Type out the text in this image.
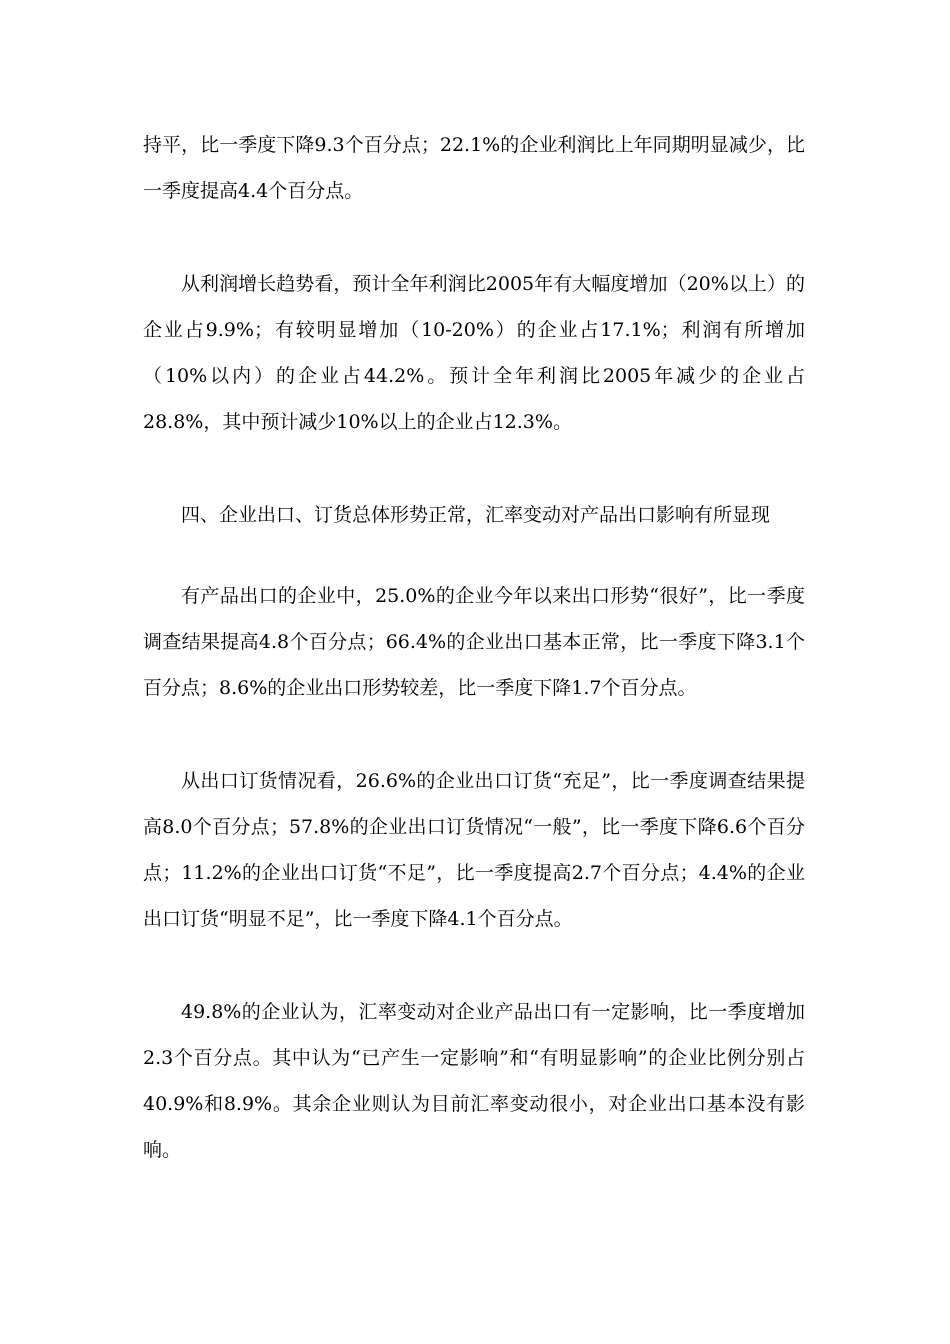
持平，比一季度下降9.3个百分点；22.1%的企业利润比上年同期明显减少，比一季度提高4.4个百分点。

从利润增长趋势看，预计全年利润比2005年有大幅度增加（20%以上）的企业占9.9%；有较明显增加（10-20%）的企业占17.1%；利润有所增加（10%以内）的企业占44.2%。预计全年利润比2005年减少的企业占28.8%，其中预计减少10%以上的企业占12.3%。

四、企业出口、订货总体形势正常，汇率变动对产品出口影响有所显现

有产品出口的企业中，25.0%的企业今年以来出口形势“很好”，比一季度调查结果提高4.8个百分点；66.4%的企业出口基本正常，比一季度下降3.1个百分点；8.6%的企业出口形势较差，比一季度下降1.7个百分点。

从出口订货情况看，26.6%的企业出口订货“充足”，比一季度调查结果提高8.0个百分点；57.8%的企业出口订货情况“一般”，比一季度下降6.6个百分点；11.2%的企业出口订货“不足”，比一季度提高2.7个百分点；4.4%的企业出口订货“明显不足”，比一季度下降4.1个百分点。

49.8%的企业认为，汇率变动对企业产品出口有一定影响，比一季度增加2.3个百分点。其中认为“已产生一定影响”和“有明显影响”的企业比例分别占40.9%和8.9%。其余企业则认为目前汇率变动很小，对企业出口基本没有影响。
